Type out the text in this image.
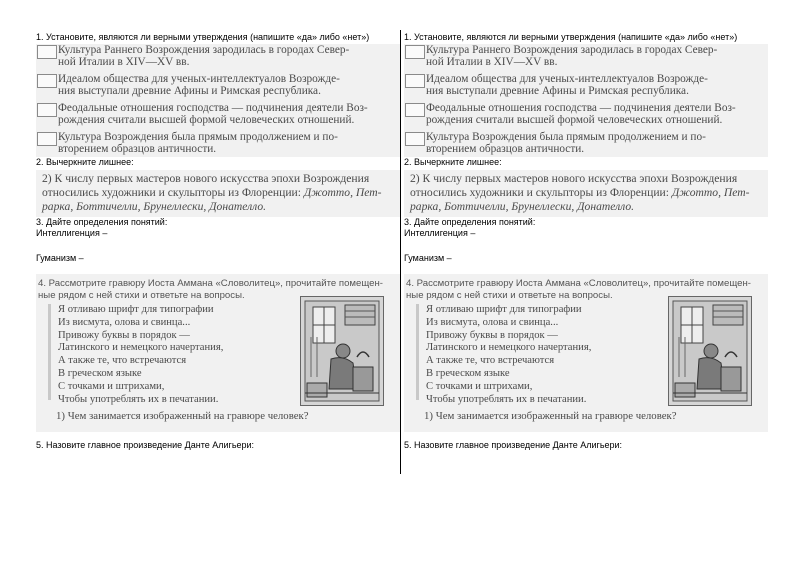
1. Установите, являются ли верными утверждения (напишите «да» либо «нет»)

Культура Раннего Возрождения зародилась в городах Север-
ной Италии в XIV—XV вв.
Идеалом общества для ученых-интеллектуалов Возрожде-
ния выступали древние Афины и Римская республика.
Феодальные отношения господства — подчинения деятели Воз-
рождения считали высшей формой человеческих отношений.
Культура Возрождения была прямым продолжением и по-
вторением образцов античности.

2. Вычеркните лишнее:

2) К числу первых мастеров нового искусства эпохи Возрождения
относились художники и скульпторы из Флоренции: Джотто, Пет-
рарка, Боттичелли, Брунеллески, Донателло.

3. Дайте определения понятий:

Интеллигенция –

Гуманизм –

4. Рассмотрите гравюру Иоста Аммана «Словолитец», прочитайте помещен-
ные рядом с ней стихи и ответьте на вопросы.
Я отливаю шрифт для типографии
Из висмута, олова и свинца...
Привожу буквы в порядок —
Латинского и немецкого начертания,
А также те, что встречаются
В греческом языке
С точками и штрихами,
Чтобы употреблять их в печатании.
1) Чем занимается изображенный на гравюре человек?

5. Назовите главное произведение Данте Алигьери:

1. Установите, являются ли верными утверждения (напишите «да» либо «нет»)

Культура Раннего Возрождения зародилась в городах Север-
ной Италии в XIV—XV вв.
Идеалом общества для ученых-интеллектуалов Возрожде-
ния выступали древние Афины и Римская республика.
Феодальные отношения господства — подчинения деятели Воз-
рождения считали высшей формой человеческих отношений.
Культура Возрождения была прямым продолжением и по-
вторением образцов античности.

2. Вычеркните лишнее:

2) К числу первых мастеров нового искусства эпохи Возрождения
относились художники и скульпторы из Флоренции: Джотто, Пет-
рарка, Боттичелли, Брунеллески, Донателло.

3. Дайте определения понятий:

Интеллигенция –

Гуманизм –

4. Рассмотрите гравюру Иоста Аммана «Словолитец», прочитайте помещен-
ные рядом с ней стихи и ответьте на вопросы.
Я отливаю шрифт для типографии
Из висмута, олова и свинца...
Привожу буквы в порядок —
Латинского и немецкого начертания,
А также те, что встречаются
В греческом языке
С точками и штрихами,
Чтобы употреблять их в печатании.
1) Чем занимается изображенный на гравюре человек?

5. Назовите главное произведение Данте Алигьери:
